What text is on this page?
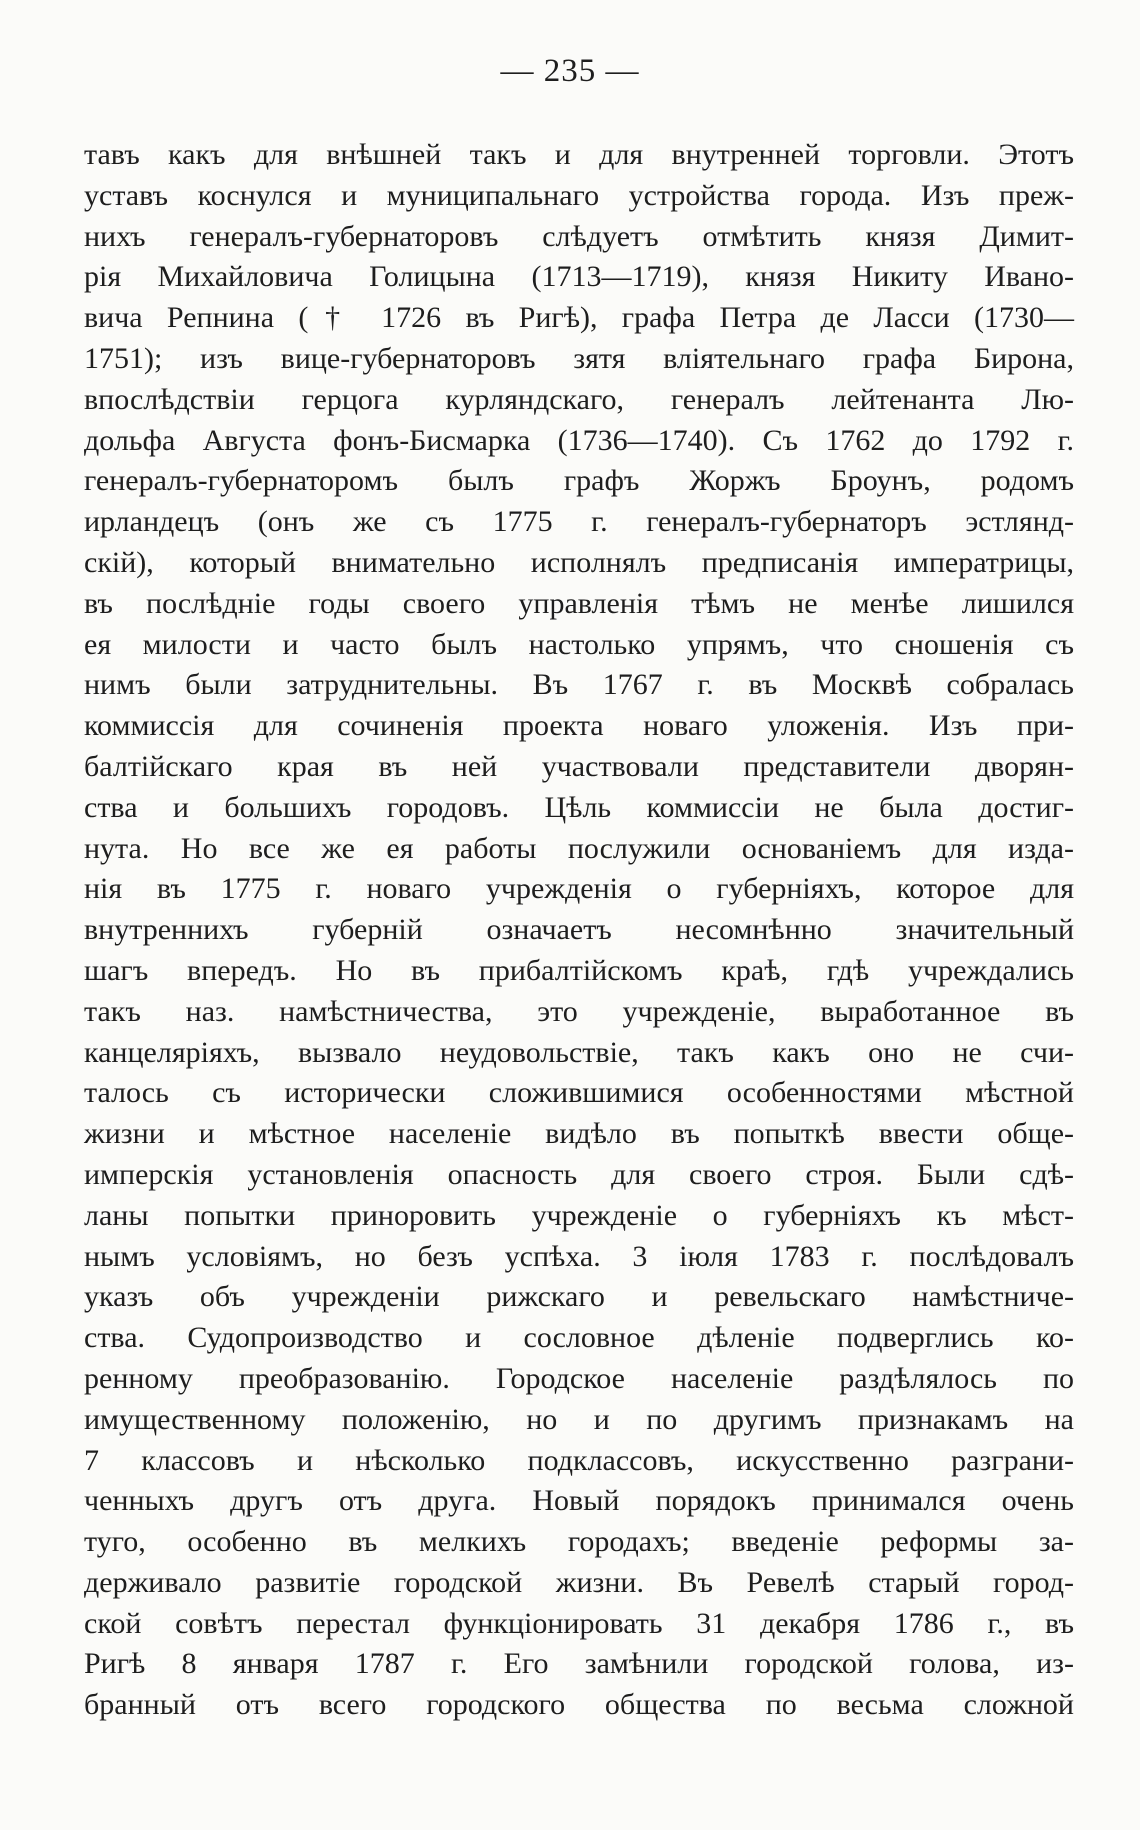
— 235 —
тавъ какъ для внѣшней такъ и для внутренней торговли. Этотъ
уставъ коснулся и муниципальнаго устройства города. Изъ преж-
нихъ генералъ-губернаторовъ слѣдуетъ отмѣтить князя Димит-
рія Михайловича Голицына (1713—1719), князя Никиту Ивано-
вича Репнина († 1726 въ Ригѣ), графа Петра де Ласси (1730—
1751); изъ вице-губернаторовъ зятя вліятельнаго графа Бирона,
впослѣдствіи герцога курляндскаго, генералъ лейтенанта Лю-
дольфа Августа фонъ-Бисмарка (1736—1740). Съ 1762 до 1792 г.
генералъ-губернаторомъ былъ графъ Жоржъ Броунъ, родомъ
ирландецъ (онъ же съ 1775 г. генералъ-губернаторъ эстлянд-
скій), который внимательно исполнялъ предписанія императрицы,
въ послѣдніе годы своего управленія тѣмъ не менѣе лишился
ея милости и часто былъ настолько упрямъ, что сношенія съ
нимъ были затруднительны. Въ 1767 г. въ Москвѣ собралась
коммиссія для сочиненія проекта новаго уложенія. Изъ при-
балтійскаго края въ ней участвовали представители дворян-
ства и большихъ городовъ. Цѣль коммиссіи не была достиг-
нута. Но все же ея работы послужили основаніемъ для изда-
нія въ 1775 г. новаго учрежденія о губерніяхъ, которое для
внутреннихъ губерній означаетъ несомнѣнно значительный
шагъ впередъ. Но въ прибалтійскомъ краѣ, гдѣ учреждались
такъ наз. намѣстничества, это учрежденіе, выработанное въ
канцеляріяхъ, вызвало неудовольствіе, такъ какъ оно не счи-
талось съ исторически сложившимися особенностями мѣстной
жизни и мѣстное населеніе видѣло въ попыткѣ ввести обще-
имперскія установленія опасность для своего строя. Были сдѣ-
ланы попытки приноровить учрежденіе о губерніяхъ къ мѣст-
нымъ условіямъ, но безъ успѣха. 3 іюля 1783 г. послѣдовалъ
указъ объ учрежденіи рижскаго и ревельскаго намѣстниче-
ства. Судопроизводство и сословное дѣленіе подверглись ко-
ренному преобразованію. Городское населеніе раздѣлялось по
имущественному положенію, но и по другимъ признакамъ на
7 классовъ и нѣсколько подклассовъ, искусственно разграни-
ченныхъ другъ отъ друга. Новый порядокъ принимался очень
туго, особенно въ мелкихъ городахъ; введеніе реформы за-
держивало развитіе городской жизни. Въ Ревелѣ старый город-
ской совѣтъ перестал функціонировать 31 декабря 1786 г., въ
Ригѣ 8 января 1787 г. Его замѣнили городской голова, из-
бранный отъ всего городского общества по весьма сложной
